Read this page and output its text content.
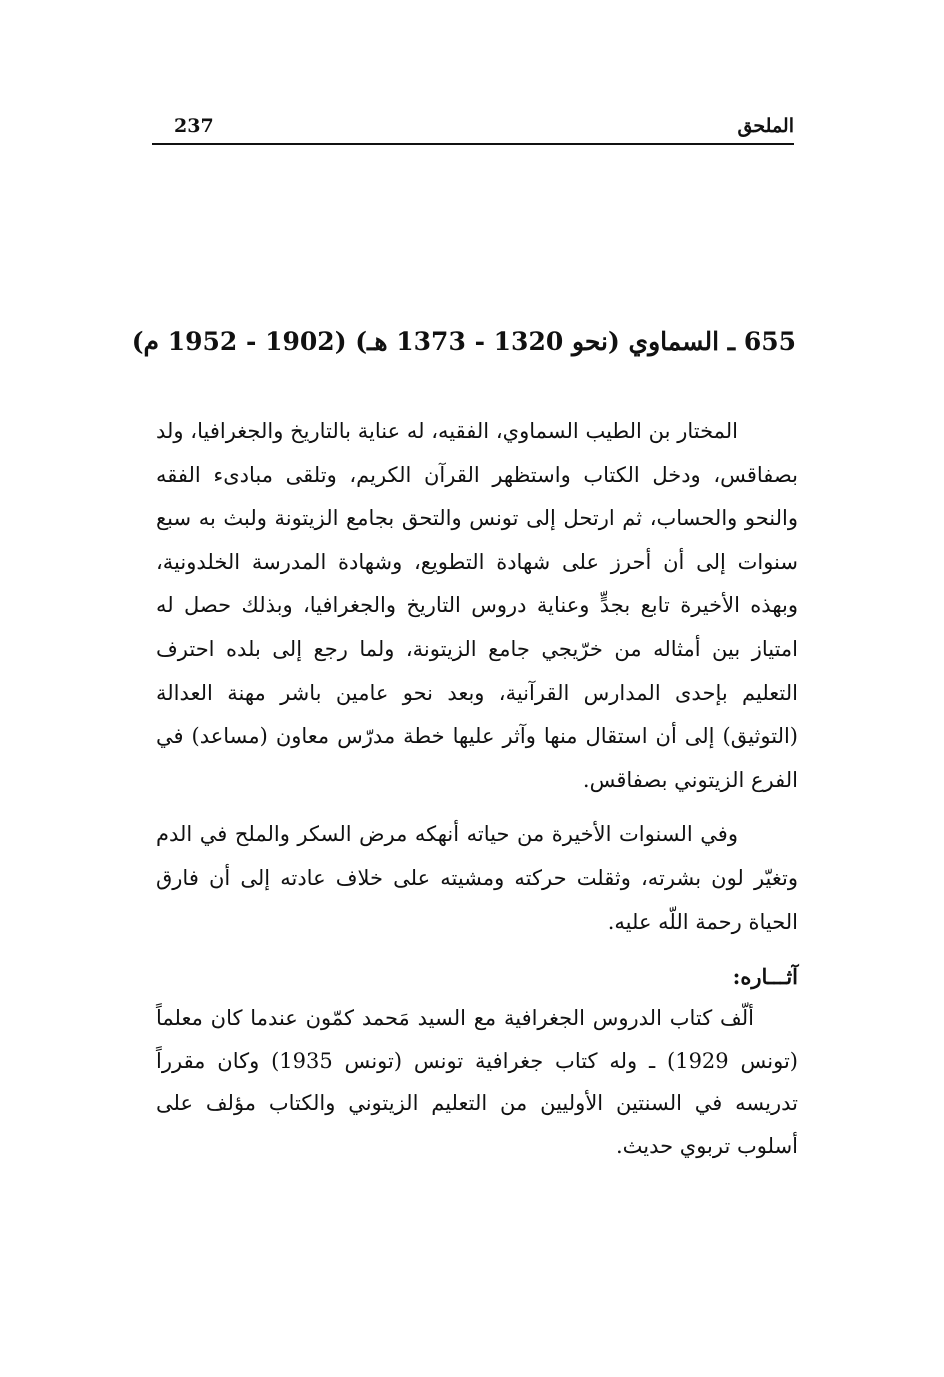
الملحق
237
655 ـ السماوي (نحو 1320 - 1373 هـ) (1902 - 1952 م)

المختار بن الطيب السماوي، الفقيه، له عناية بالتاريخ والجغرافيا، ولد بصفاقس، ودخل الكتاب واستظهر القرآن الكريم، وتلقى مبادىء الفقه والنحو والحساب، ثم ارتحل إلى تونس والتحق بجامع الزيتونة ولبث به سبع سنوات إلى أن أحرز على شهادة التطويع، وشهادة المدرسة الخلدونية، وبهذه الأخيرة تابع بجدٍّ وعناية دروس التاريخ والجغرافيا، وبذلك حصل له امتياز بين أمثاله من خرّيجي جامع الزيتونة، ولما رجع إلى بلده احترف التعليم بإحدى المدارس القرآنية، وبعد نحو عامين باشر مهنة العدالة (التوثيق) إلى أن استقال منها وآثر عليها خطة مدرّس معاون (مساعد) في الفرع الزيتوني بصفاقس.

وفي السنوات الأخيرة من حياته أنهكه مرض السكر والملح في الدم وتغيّر لون بشرته، وثقلت حركته ومشيته على خلاف عادته إلى أن فارق الحياة رحمة اللّه عليه.

آثـــاره:

ألّف كتاب الدروس الجغرافية مع السيد مَحمد كمّون عندما كان معلماً (تونس 1929) ـ وله كتاب جغرافية تونس (تونس 1935) وكان مقرراً تدريسه في السنتين الأوليين من التعليم الزيتوني والكتاب مؤلف على أسلوب تربوي حديث.
